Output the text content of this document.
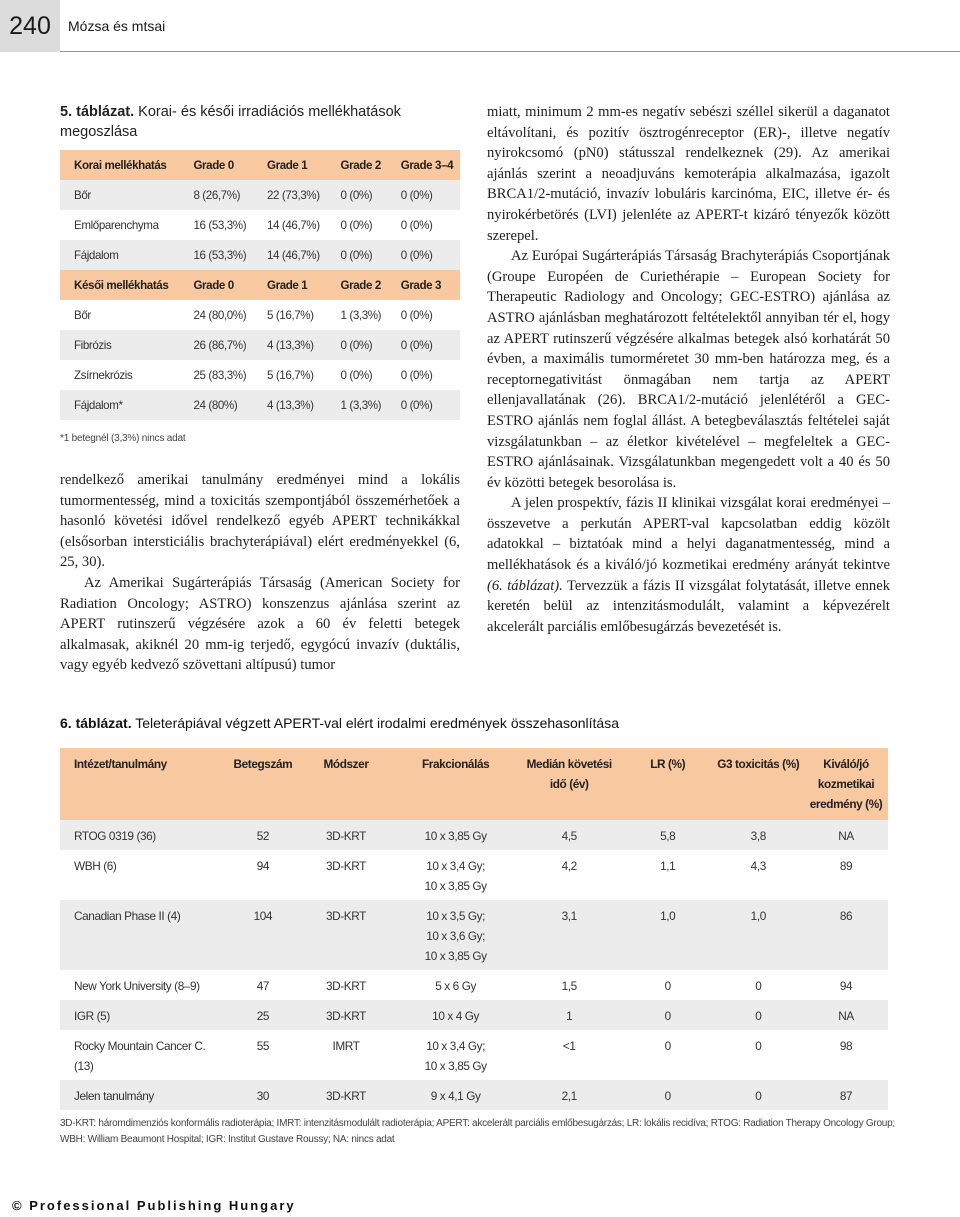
240	Mózsa és mtsai
5. táblázat. Korai- és késői irradiációs mellékhatások megoszlása
Korai mellékhatás	Grade 0	Grade 1	Grade 2	Grade 3–4
Bőr	8 (26,7%)	22 (73,3%)	0 (0%)	0 (0%)
Emlőparenchyma	16 (53,3%)	14 (46,7%)	0 (0%)	0 (0%)
Fájdalom	16 (53,3%)	14 (46,7%)	0 (0%)	0 (0%)
Késői mellékhatás	Grade 0	Grade 1	Grade 2	Grade 3
Bőr	24 (80,0%)	5 (16,7%)	1 (3,3%)	0 (0%)
Fibrózis	26 (86,7%)	4 (13,3%)	0 (0%)	0 (0%)
Zsírnekrózis	25 (83,3%)	5 (16,7%)	0 (0%)	0 (0%)
Fájdalom*	24 (80%)	4 (13,3%)	1 (3,3%)	0 (0%)
*1 betegnél (3,3%) nincs adat

rendelkező amerikai tanulmány eredményei mind a lokális tumormentesség, mind a toxicitás szempontjából összemérhetőek a hasonló követési idővel rendelkező egyéb APERT technikákkal (elsősorban intersticiális brachyterápiával) elért eredményekkel (6, 25, 30).

Az Amerikai Sugárterápiás Társaság (American Society for Radiation Oncology; ASTRO) konszenzus ajánlása szerint az APERT rutinszerű végzésére azok a 60 év feletti betegek alkalmasak, akiknél 20 mm-ig terjedő, egygócú invazív (duktális, vagy egyéb kedvező szövettani altípusú) tumor

miatt, minimum 2 mm-es negatív sebészi széllel sikerül a daganatot eltávolítani, és pozitív ösztrogénreceptor (ER)-, illetve negatív nyirokcsomó (pN0) státusszal rendelkeznek (29). Az amerikai ajánlás szerint a neoadjuváns kemoterápia alkalmazása, igazolt BRCA1/2-mutáció, invazív lobuláris karcinóma, EIC, illetve ér- és nyirokérbetörés (LVI) jelenléte az APERT-t kizáró tényezők között szerepel.

Az Európai Sugárterápiás Társaság Brachyterápiás Csoportjának (Groupe Européen de Curiethérapie – European Society for Therapeutic Radiology and Oncology; GEC-ESTRO) ajánlása az ASTRO ajánlásban meghatározott feltételektől annyiban tér el, hogy az APERT rutinszerű végzésére alkalmas betegek alsó korhatárát 50 évben, a maximális tumorméretet 30 mm-ben határozza meg, és a receptornegativitást önmagában nem tartja az APERT ellenjavallatának (26). BRCA1/2-mutáció jelenlétéről a GEC-ESTRO ajánlás nem foglal állást. A betegbeválasztás feltételei saját vizsgálatunkban – az életkor kivételével – megfeleltek a GEC-ESTRO ajánlásainak. Vizsgálatunkban megengedett volt a 40 és 50 év közötti betegek besorolása is.

A jelen prospektív, fázis II klinikai vizsgálat korai eredményei – összevetve a perkután APERT-val kapcsolatban eddig közölt adatokkal – biztatóak mind a helyi daganatmentesség, mind a mellékhatások és a kiváló/jó kozmetikai eredmény arányát tekintve (6. táblázat). Tervezzük a fázis II vizsgálat folytatását, illetve ennek keretén belül az intenzitásmodulált, valamint a képvezérelt akcelerált parciális emlőbesugárzás bevezetését is.

6. táblázat. Teleterápiával végzett APERT-val elért irodalmi eredmények összehasonlítása
Intézet/tanulmány	Betegszám	Módszer	Frakcionálás	Medián követési idő (év)	LR (%)	G3 toxicitás (%)	Kiváló/jó kozmetikai eredmény (%)
RTOG 0319 (36)	52	3D-KRT	10 x 3,85 Gy	4,5	5,8	3,8	NA
WBH (6)	94	3D-KRT	10 x 3,4 Gy;
10 x 3,85 Gy	4,2	1,1	4,3	89
Canadian Phase II (4)	104	3D-KRT	10 x 3,5 Gy;
10 x 3,6 Gy;
10 x 3,85 Gy	3,1	1,0	1,0	86
New York University (8–9)	47	3D-KRT	5 x 6 Gy	1,5	0	0	94
IGR (5)	25	3D-KRT	10 x 4 Gy	1	0	0	NA
Rocky Mountain Cancer C. (13)	55	IMRT	10 x 3,4 Gy;
10 x 3,85 Gy	<1	0	0	98
Jelen tanulmány	30	3D-KRT	9 x 4,1 Gy	2,1	0	0	87
3D-KRT: háromdimenziós konformális radioterápia; IMRT: intenzitásmodulált radioterápia; APERT: akcelerált parciális emlőbesugárzás; LR: lokális recidíva; RTOG: Radiation Therapy Oncology Group; WBH: William Beaumont Hospital; IGR: Institut Gustave Roussy; NA: nincs adat
© Professional Publishing Hungary
